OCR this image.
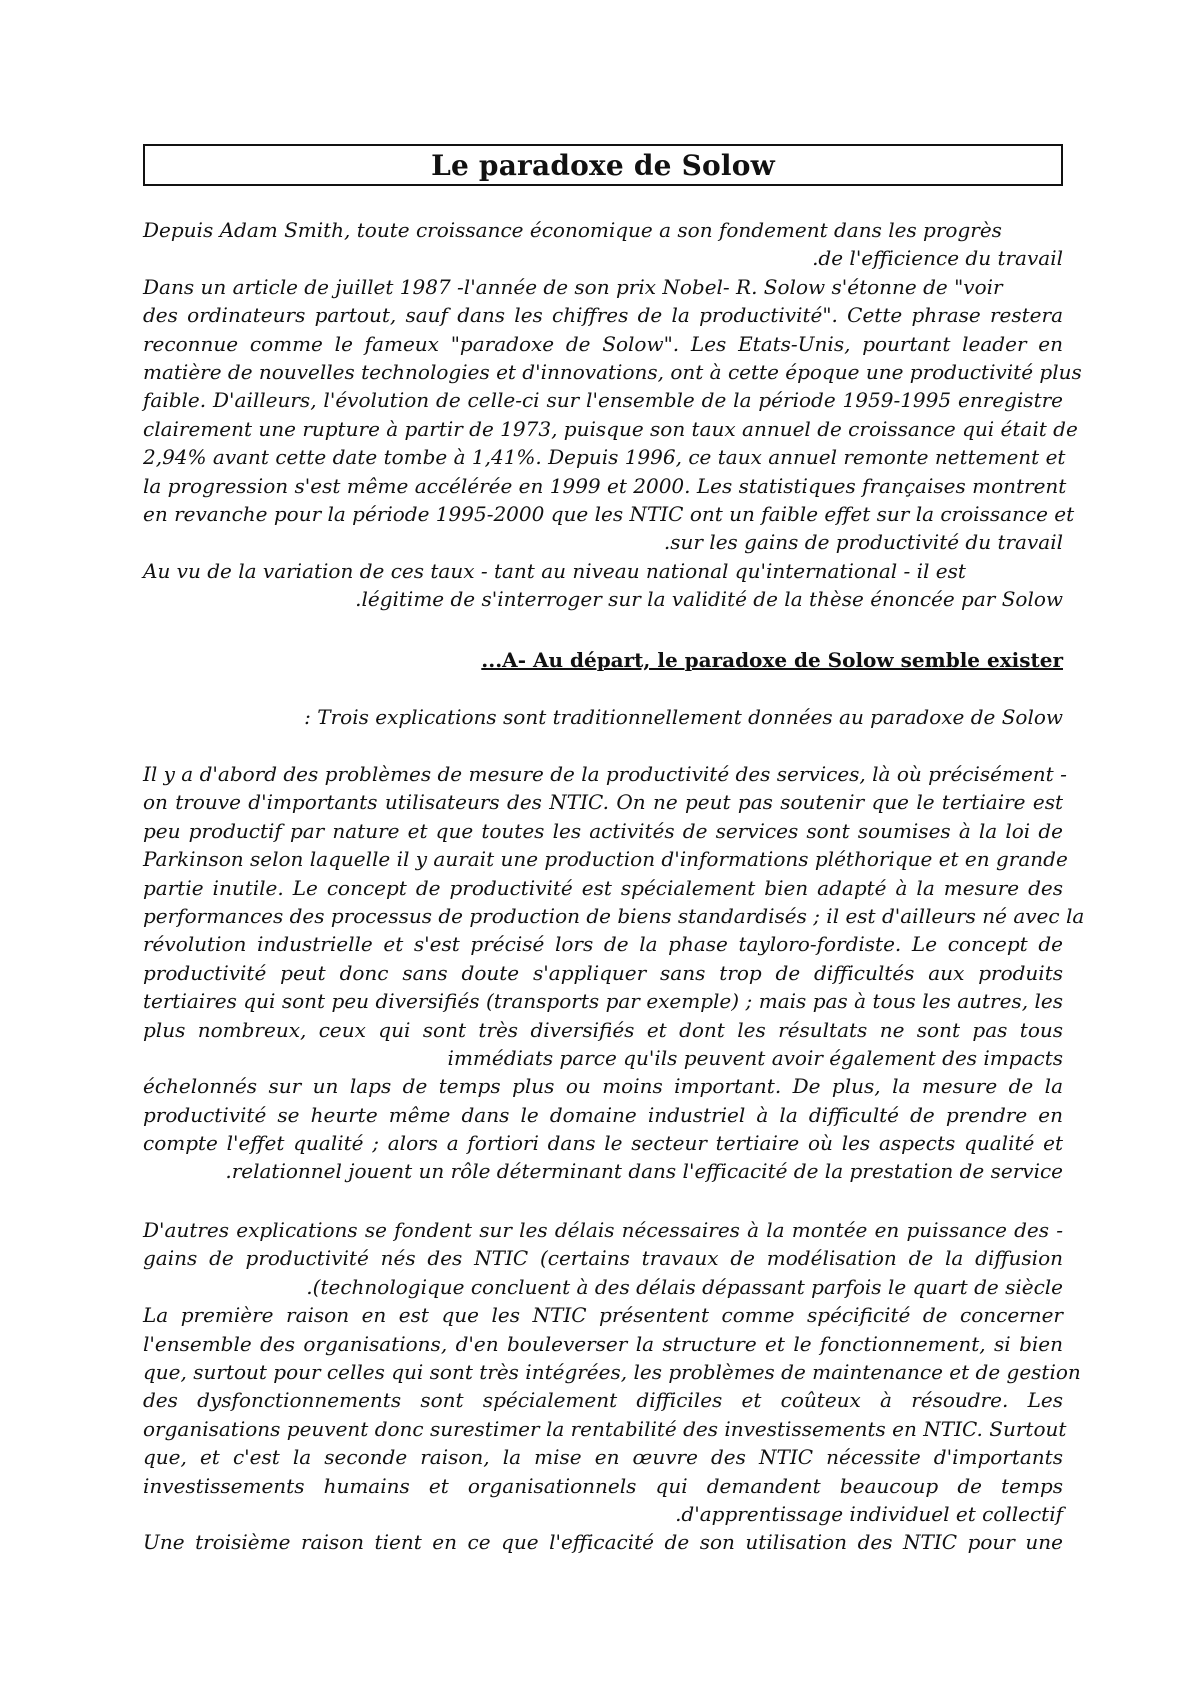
Le paradoxe de Solow
Depuis Adam Smith, toute croissance économique a son fondement dans les progrès
.de l'efficience du travail
Dans un article de juillet 1987 -l'année de son prix Nobel- R. Solow s'étonne de "voir
des ordinateurs partout, sauf dans les chiffres de la productivité". Cette phrase restera
reconnue comme le fameux "paradoxe de Solow". Les Etats-Unis, pourtant leader en
matière de nouvelles technologies et d'innovations, ont à cette époque une productivité plus
faible. D'ailleurs, l'évolution de celle-ci sur l'ensemble de la période 1959-1995 enregistre
clairement une rupture à partir de 1973, puisque son taux annuel de croissance qui était de
2,94% avant cette date tombe à 1,41%. Depuis 1996, ce taux annuel remonte nettement et
la progression s'est même accélérée en 1999 et 2000. Les statistiques françaises montrent
en revanche pour la période 1995-2000 que les NTIC ont un faible effet sur la croissance et
.sur les gains de productivité du travail
Au vu de la variation de ces taux - tant au niveau national qu'international - il est
.légitime de s'interroger sur la validité de la thèse énoncée par Solow
...A- Au départ, le paradoxe de Solow semble exister
: Trois explications sont traditionnellement données au paradoxe de Solow
Il y a d'abord des problèmes de mesure de la productivité des services, là où précisément -
on trouve d'importants utilisateurs des NTIC. On ne peut pas soutenir que le tertiaire est
peu productif par nature et que toutes les activités de services sont soumises à la loi de
Parkinson selon laquelle il y aurait une production d'informations pléthorique et en grande
partie inutile. Le concept de productivité est spécialement bien adapté à la mesure des
performances des processus de production de biens standardisés ; il est d'ailleurs né avec la
révolution industrielle et s'est précisé lors de la phase tayloro-fordiste. Le concept de
productivité peut donc sans doute s'appliquer sans trop de difficultés aux produits
tertiaires qui sont peu diversifiés (transports par exemple) ; mais pas à tous les autres, les
plus nombreux, ceux qui sont très diversifiés et dont les résultats ne sont pas tous
immédiats parce qu'ils peuvent avoir également des impacts
échelonnés sur un laps de temps plus ou moins important. De plus, la mesure de la
productivité se heurte même dans le domaine industriel à la difficulté de prendre en
compte l'effet qualité ; alors a fortiori dans le secteur tertiaire où les aspects qualité et
.relationnel jouent un rôle déterminant dans l'efficacité de la prestation de service
D'autres explications se fondent sur les délais nécessaires à la montée en puissance des -
gains de productivité nés des NTIC (certains travaux de modélisation de la diffusion
.(technologique concluent à des délais dépassant parfois le quart de siècle
La première raison en est que les NTIC présentent comme spécificité de concerner
l'ensemble des organisations, d'en bouleverser la structure et le fonctionnement, si bien
que, surtout pour celles qui sont très intégrées, les problèmes de maintenance et de gestion
des dysfonctionnements sont spécialement difficiles et coûteux à résoudre. Les
organisations peuvent donc surestimer la rentabilité des investissements en NTIC. Surtout
que, et c'est la seconde raison, la mise en œuvre des NTIC nécessite d'importants
investissements humains et organisationnels qui demandent beaucoup de temps
.d'apprentissage individuel et collectif
Une troisième raison tient en ce que l'efficacité de son utilisation des NTIC pour une
